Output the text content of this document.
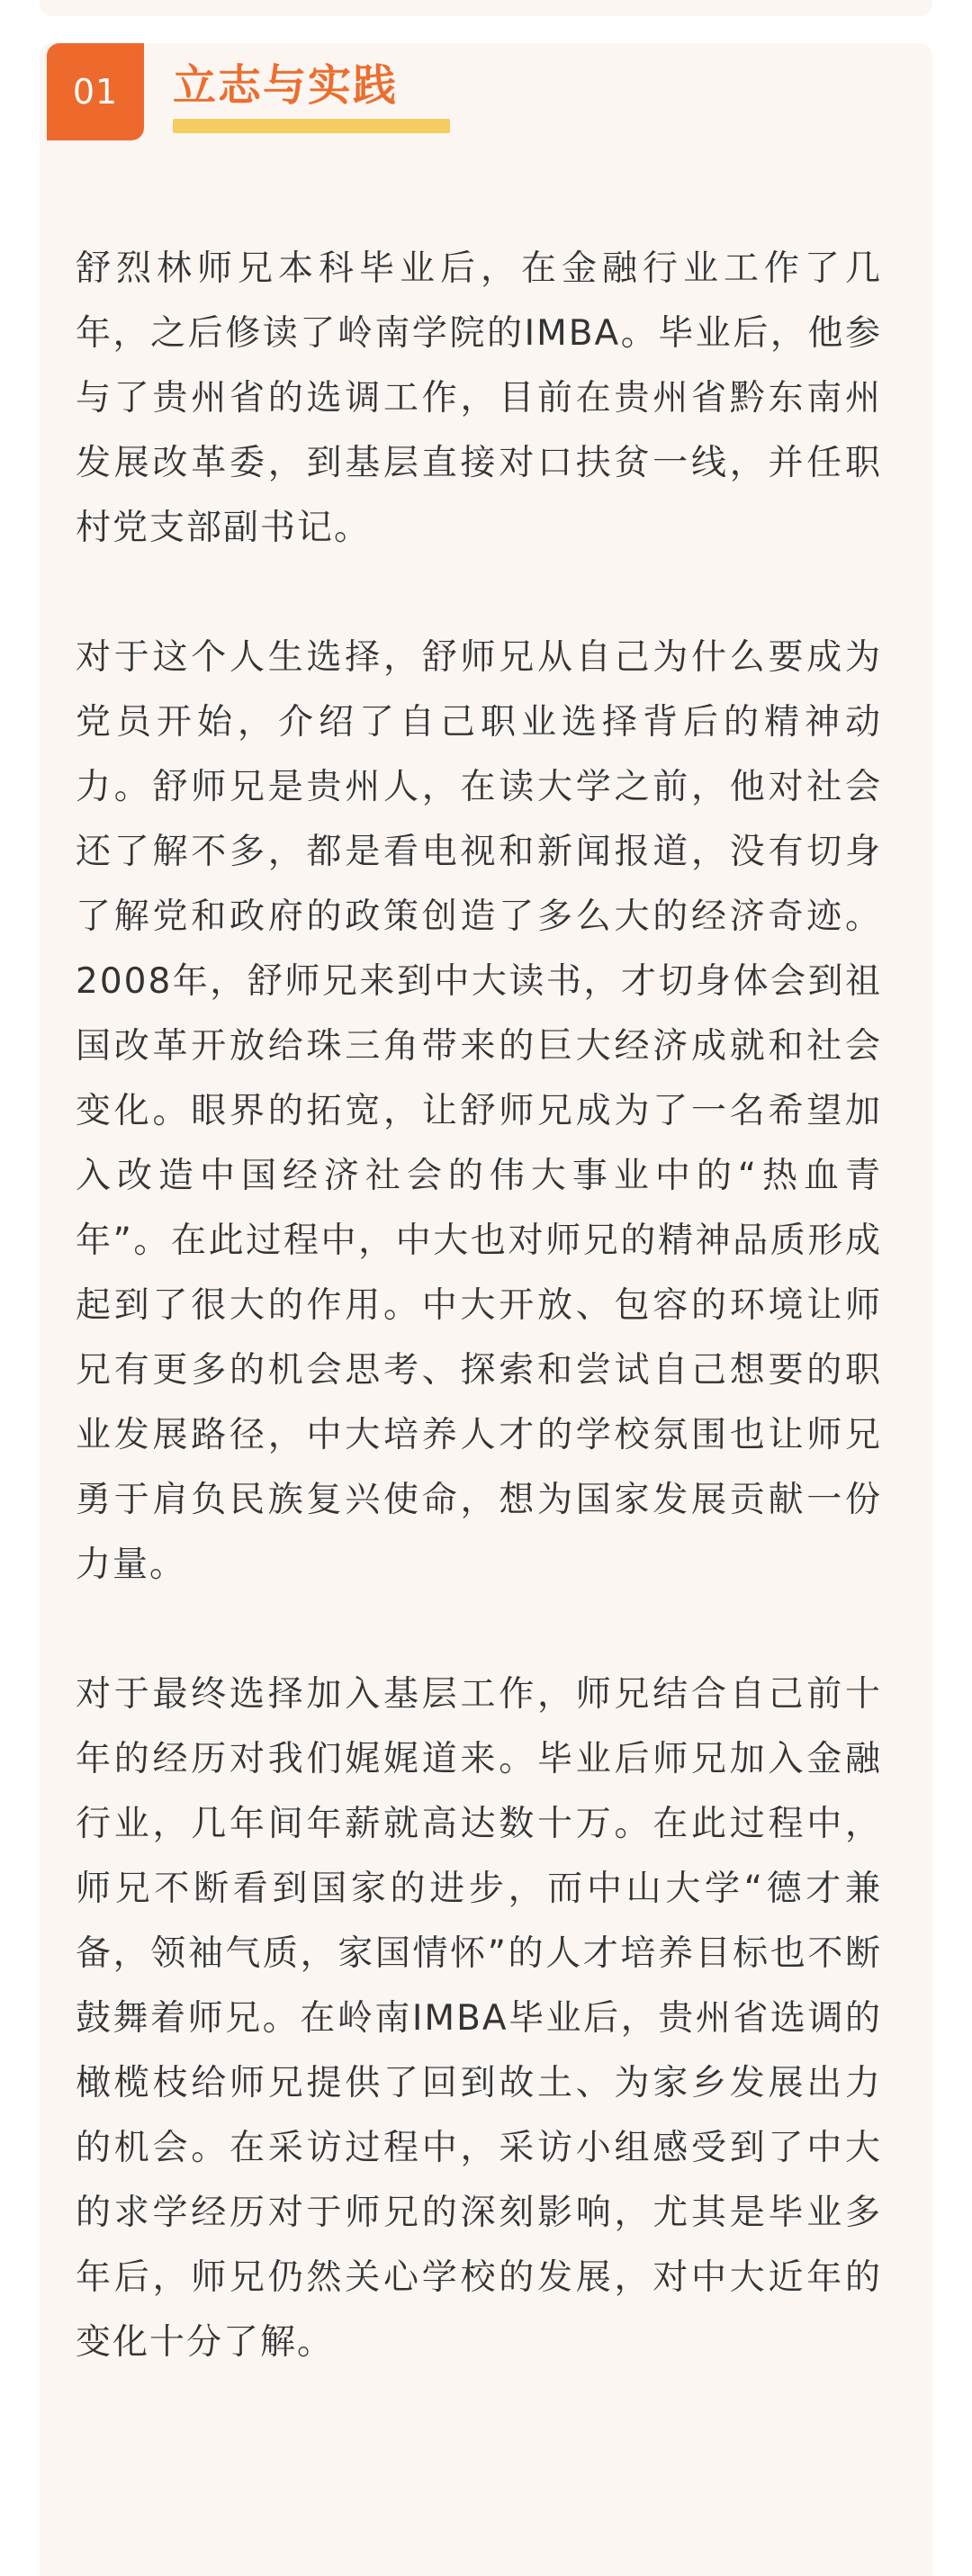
01 立志与实践

舒烈林师兄本科毕业后，在金融行业工作了几年，之后修读了岭南学院的IMBA。毕业后，他参与了贵州省的选调工作，目前在贵州省黔东南州发展改革委，到基层直接对口扶贫一线，并任职村党支部副书记。

对于这个人生选择，舒师兄从自己为什么要成为党员开始，介绍了自己职业选择背后的精神动力。舒师兄是贵州人，在读大学之前，他对社会还了解不多，都是看电视和新闻报道，没有切身了解党和政府的政策创造了多么大的经济奇迹。2008年，舒师兄来到中大读书，才切身体会到祖国改革开放给珠三角带来的巨大经济成就和社会变化。眼界的拓宽，让舒师兄成为了一名希望加入改造中国经济社会的伟大事业中的“热血青年”。在此过程中，中大也对师兄的精神品质形成起到了很大的作用。中大开放、包容的环境让师兄有更多的机会思考、探索和尝试自己想要的职业发展路径，中大培养人才的学校氛围也让师兄勇于肩负民族复兴使命，想为国家发展贡献一份力量。

对于最终选择加入基层工作，师兄结合自己前十年的经历对我们娓娓道来。毕业后师兄加入金融行业，几年间年薪就高达数十万。在此过程中，师兄不断看到国家的进步，而中山大学“德才兼备，领袖气质，家国情怀”的人才培养目标也不断鼓舞着师兄。在岭南IMBA毕业后，贵州省选调的橄榄枝给师兄提供了回到故土、为家乡发展出力的机会。在采访过程中，采访小组感受到了中大的求学经历对于师兄的深刻影响，尤其是毕业多年后，师兄仍然关心学校的发展，对中大近年的变化十分了解。
